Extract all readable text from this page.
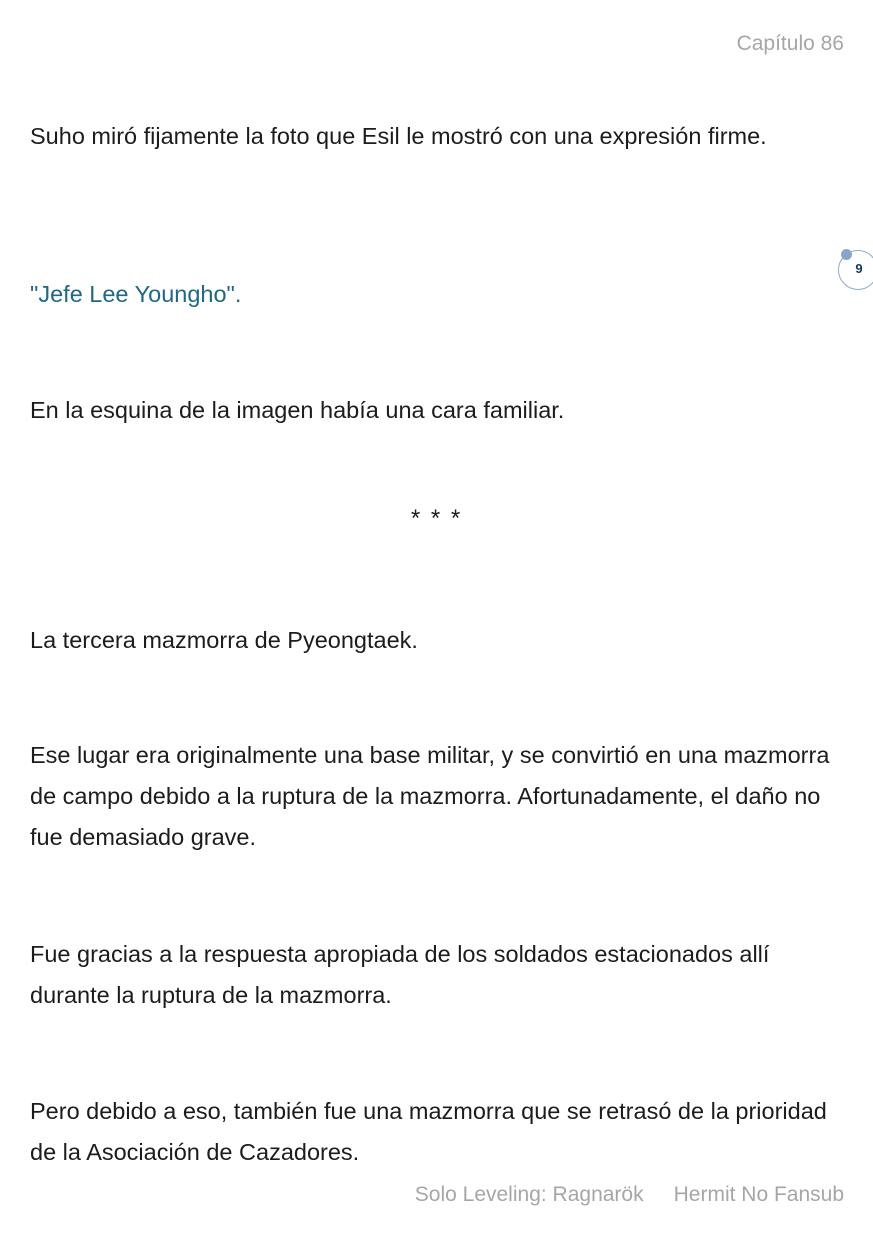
Capítulo 86

Suho miró fijamente la foto que Esil le mostró con una expresión firme.

"Jefe Lee Youngho".

9

En la esquina de la imagen había una cara familiar.

* * *

La tercera mazmorra de Pyeongtaek.

Ese lugar era originalmente una base militar, y se convirtió en una mazmorra de campo debido a la ruptura de la mazmorra. Afortunadamente, el daño no fue demasiado grave.

Fue gracias a la respuesta apropiada de los soldados estacionados allí durante la ruptura de la mazmorra.

Pero debido a eso, también fue una mazmorra que se retrasó de la prioridad de la Asociación de Cazadores.

Solo Leveling: Ragnarök Hermit No Fansub
